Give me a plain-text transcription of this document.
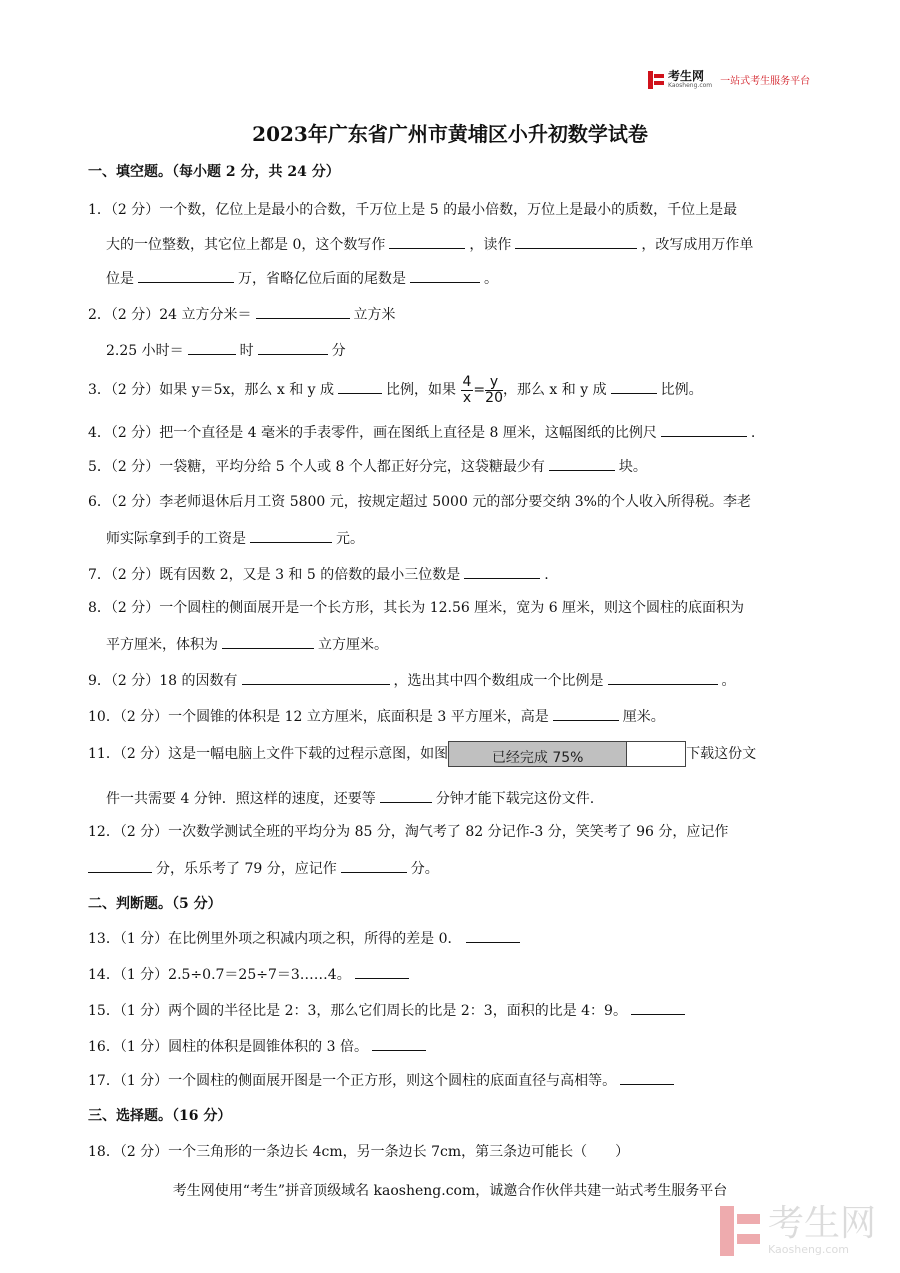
考生网
Kaosheng.com 一站式考生服务平台
2023年广东省广州市黄埔区小升初数学试卷
一、填空题。（每小题 2 分，共 24 分）
1．（2 分）一个数，亿位上是最小的合数，千万位上是 5 的最小倍数，万位上是最小的质数，千位上是最
大的一位整数，其它位上都是 0，这个数写作	，读作	，改写成用万作单
位是	万，省略亿位后面的尾数是	。
2．（2 分）24 立方分米＝	立方米
2.25 小时＝	时	分
3．（2 分）如果 y＝5x，那么 x 和 y 成	比例，如果 $\frac{4}{x} = \frac{y}{20}$ ，那么 x 和 y 成	比例。
4．（2 分）把一个直径是 4 毫米的手表零件，画在图纸上直径是 8 厘米，这幅图纸的比例尺	.
5．（2 分）一袋糖，平均分给 5 个人或 8 个人都正好分完，这袋糖最少有	块。
6．（2 分）李老师退休后月工资 5800 元，按规定超过 5000 元的部分要交纳 3%的个人收入所得税。李老
师实际拿到手的工资是	元。
7．（2 分）既有因数 2，又是 3 和 5 的倍数的最小三位数是	.
8．（2 分）一个圆柱的侧面展开是一个长方形，其长为 12.56 厘米，宽为 6 厘米，则这个圆柱的底面积为
平方厘米，体积为	立方厘米。
9．（2 分）18 的因数有	，选出其中四个数组成一个比例是	。
10．（2 分）一个圆锥的体积是 12 立方厘米，底面积是 3 平方厘米，高是	厘米。
11．（2 分）这是一幅电脑上文件下载的过程示意图，如图	已经完成 75%	下载这份文
件一共需要 4 分钟．照这样的速度，还要等	分钟才能下载完这份文件.
12．（2 分）一次数学测试全班的平均分为 85 分，淘气考了 82 分记作-3 分，笑笑考了 96 分，应记作
分，乐乐考了 79 分，应记作	分。
二、判断题。（5 分）
13．（1 分）在比例里外项之积减内项之积，所得的差是 0．
14．（1 分）2.5÷0.7＝25÷7＝3……4。
15．（1 分）两个圆的半径比是 2：3，那么它们周长的比是 2：3，面积的比是 4：9。
16．（1 分）圆柱的体积是圆锥体积的 3 倍。
17．（1 分）一个圆柱的侧面展开图是一个正方形，则这个圆柱的底面直径与高相等。
三、选择题。（16 分）
18．（2 分）一个三角形的一条边长 4cm，另一条边长 7cm，第三条边可能长（　　）
考生网使用“考生”拼音顶级域名 kaosheng.com，诚邀合作伙伴共建一站式考生服务平台
考生网
Kaosheng.com
